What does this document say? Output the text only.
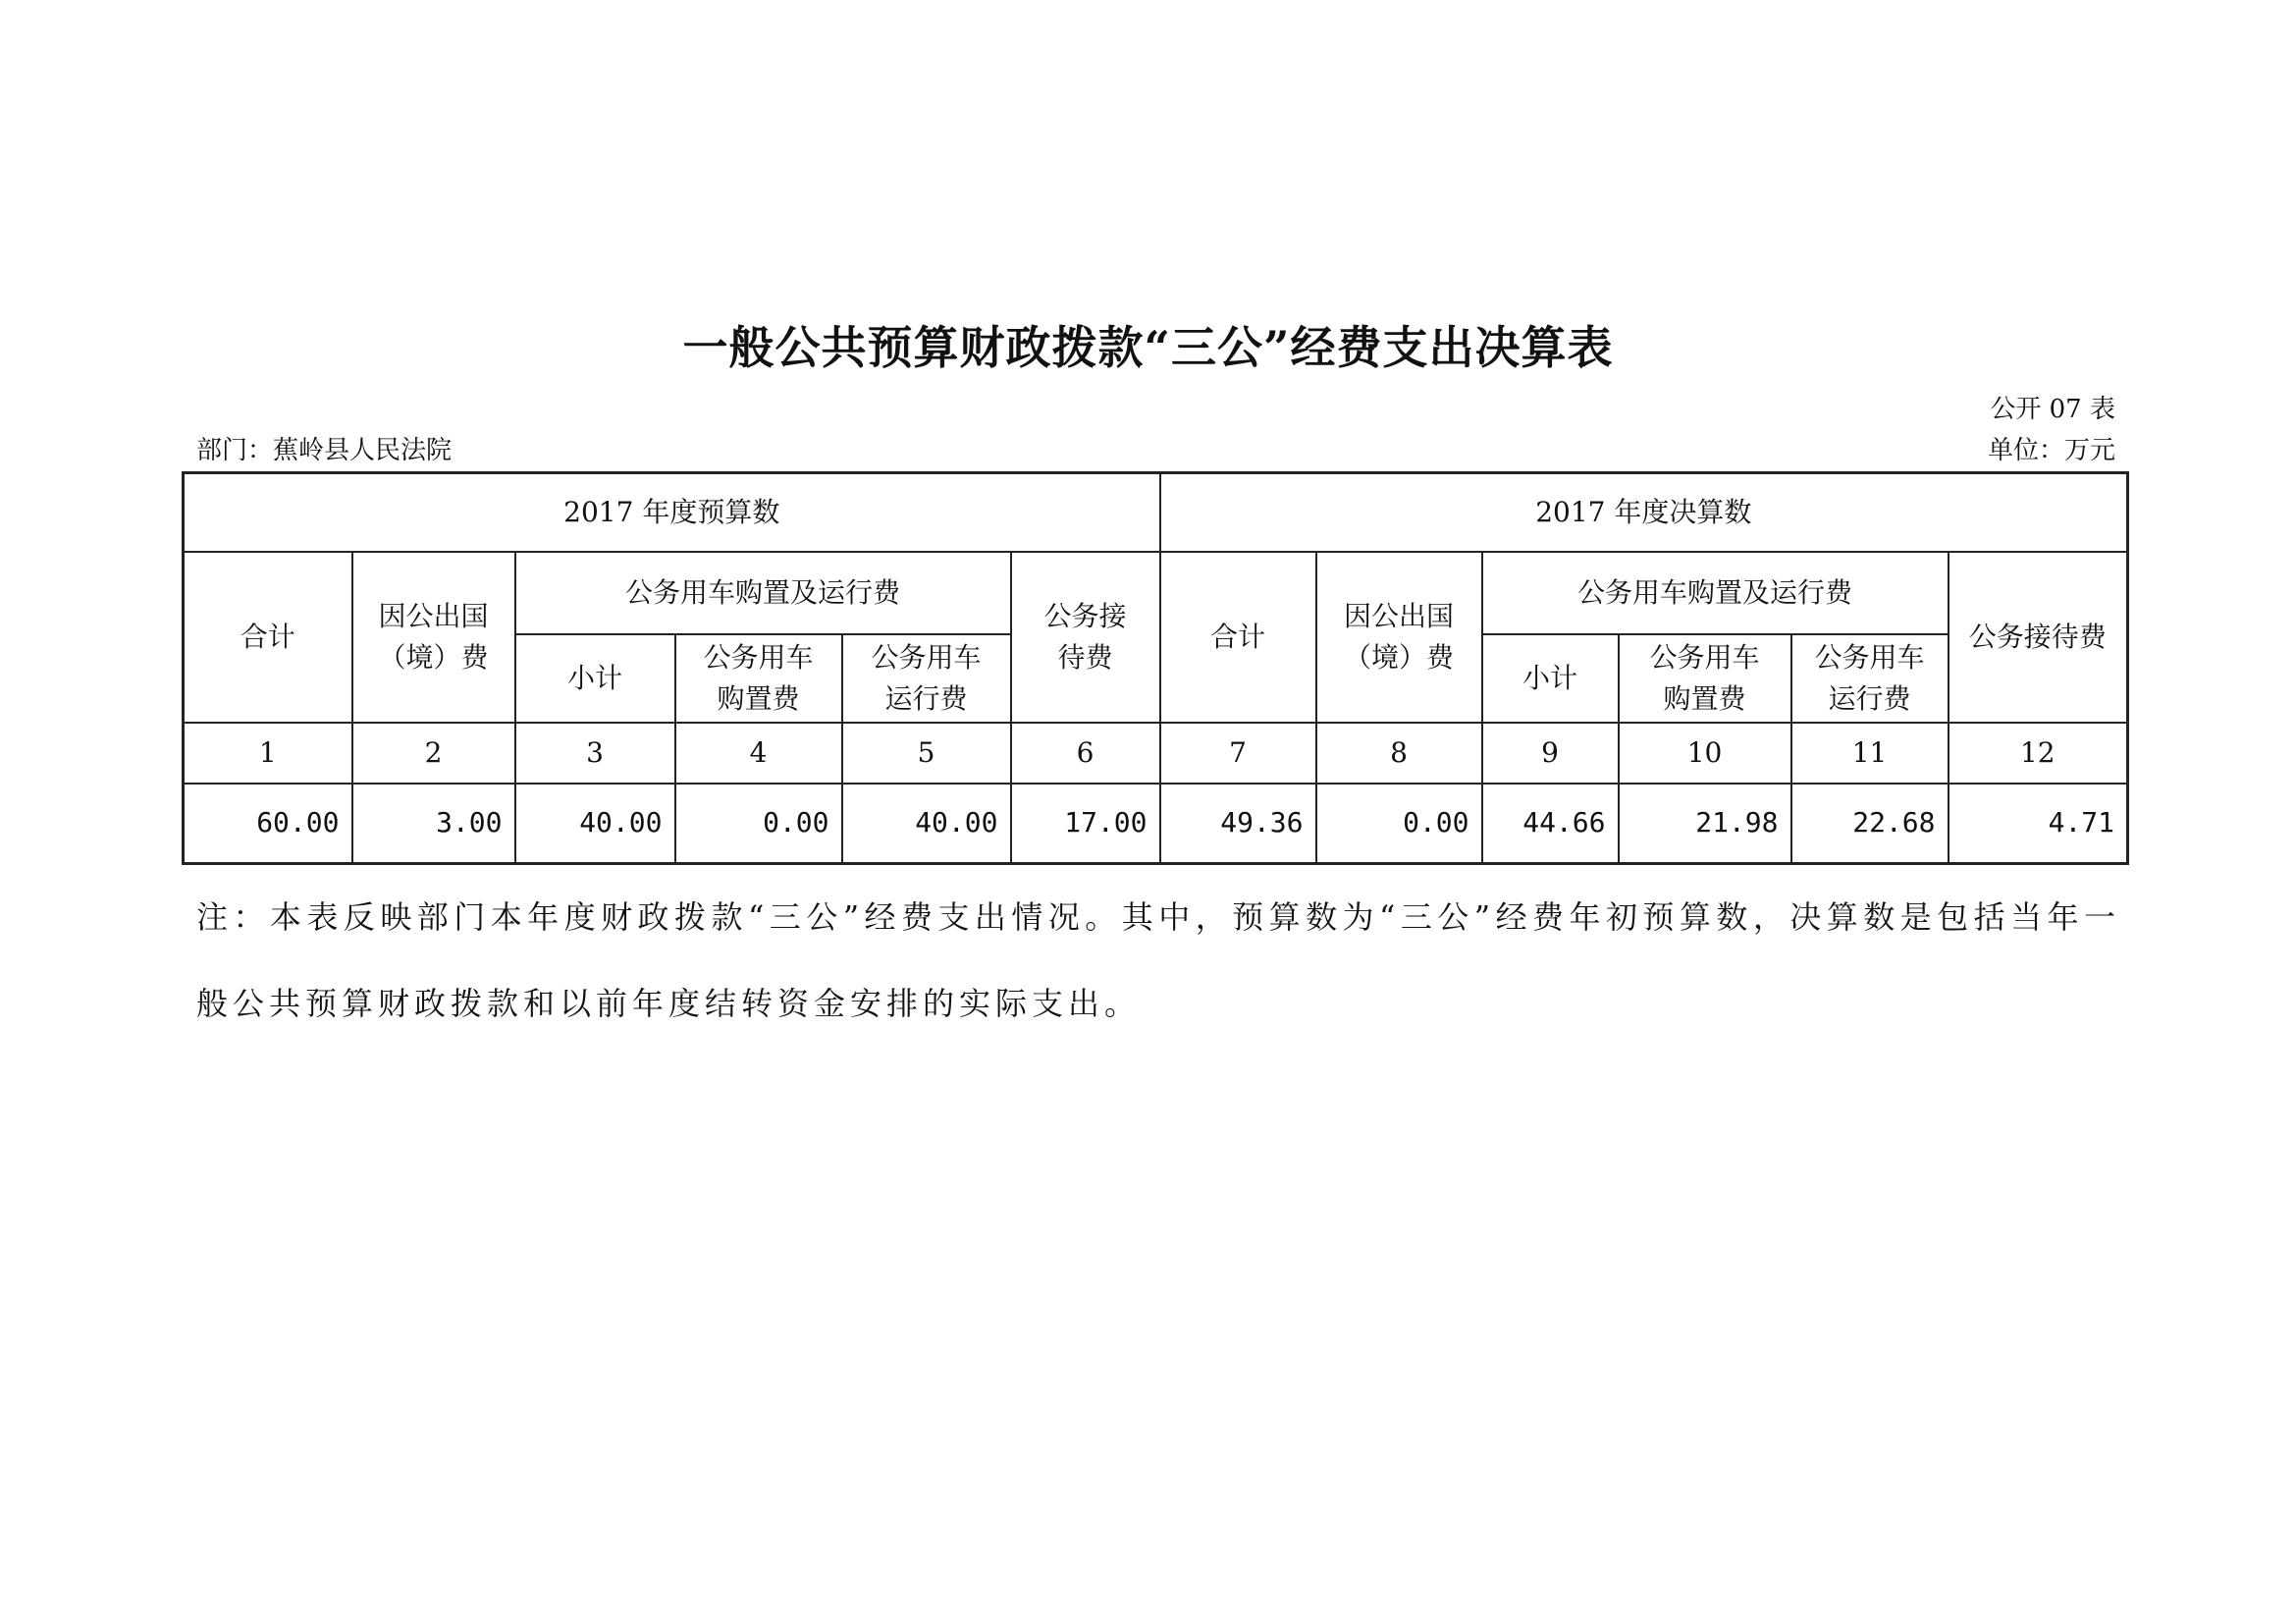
一般公共预算财政拨款“三公”经费支出决算表
公开 07 表
部门：蕉岭县人民法院	单位：万元
2017 年度预算数						2017 年度决算数					
合计	因公出国（境）费	公务用车购置及运行费			公务接待费	合计	因公出国（境）费	公务用车购置及运行费			公务接待费
		小计	公务用车购置费	公务用车运行费				小计	公务用车购置费	公务用车运行费	
1	2	3	4	5	6	7	8	9	10	11	12
60.00	3.00	40.00	0.00	40.00	17.00	49.36	0.00	44.66	21.98	22.68	4.71
注：本表反映部门本年度财政拨款“三公”经费支出情况。其中，预算数为“三公”经费年初预算数，决算数是包括当年一般公共预算财政拨款和以前年度结转资金安排的实际支出。
